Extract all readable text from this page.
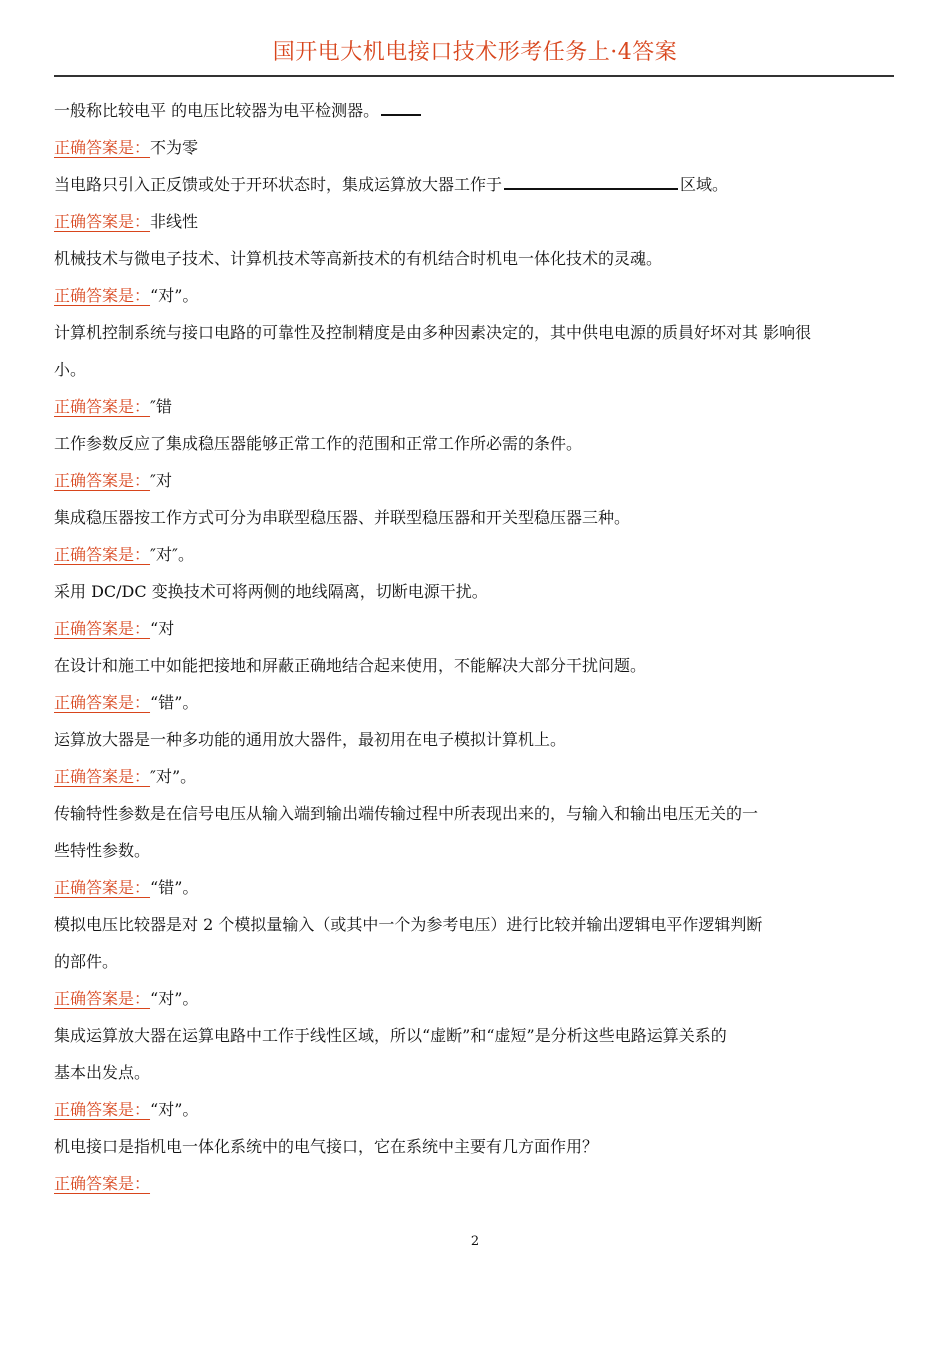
国开电大机电接口技术形考任务上·4答案
一般称比较电平 的电压比较器为电平检测器。
正确答案是：不为零
当电路只引入正反馈或处于开环状态时，集成运算放大器工作于	区域。
正确答案是：非线性
机械技术与微电子技术、计算机技术等高新技术的有机结合时机电一体化技术的灵魂。
正确答案是：“对”。
计算机控制系统与接口电路的可靠性及控制精度是由多种因素决定的，其中供电电源的质員好坏对其 影响很
小。
正确答案是：″错
工作参数反应了集成稳压器能够正常工作的范围和正常工作所必需的条件。
正确答案是：″对
集成稳压器按工作方式可分为串联型稳压器、并联型稳压器和开关型稳压器三种。
正确答案是：″对″。
采用 DC/DC 变换技术可将两侧的地线隔离，切断电源干扰。
正确答案是：“对
在设计和施工中如能把接地和屏蔽正确地结合起来使用，不能解决大部分干扰问题。
正确答案是：“错”。
运算放大器是一种多功能的通用放大器件，最初用在电子模拟计算机上。
正确答案是：″对”。
传输特性参数是在信号电压从输入端到输出端传输过程中所表现出来的，与输入和输出电压无关的一
些特性参数。
正确答案是：“错”。
模拟电压比较器是对 2 个模拟量输入（或其中一个为参考电压）进行比较并输出逻辑电平作逻辑判断
的部件。
正确答案是：“对”。
集成运算放大器在运算电路中工作于线性区域，所以“虚断”和“虚短”是分析这些电路运算关系的
基本出发点。
正确答案是：“对”。
机电接口是指机电一体化系统中的电气接口，它在系统中主要有几方面作用？
正确答案是：
2
